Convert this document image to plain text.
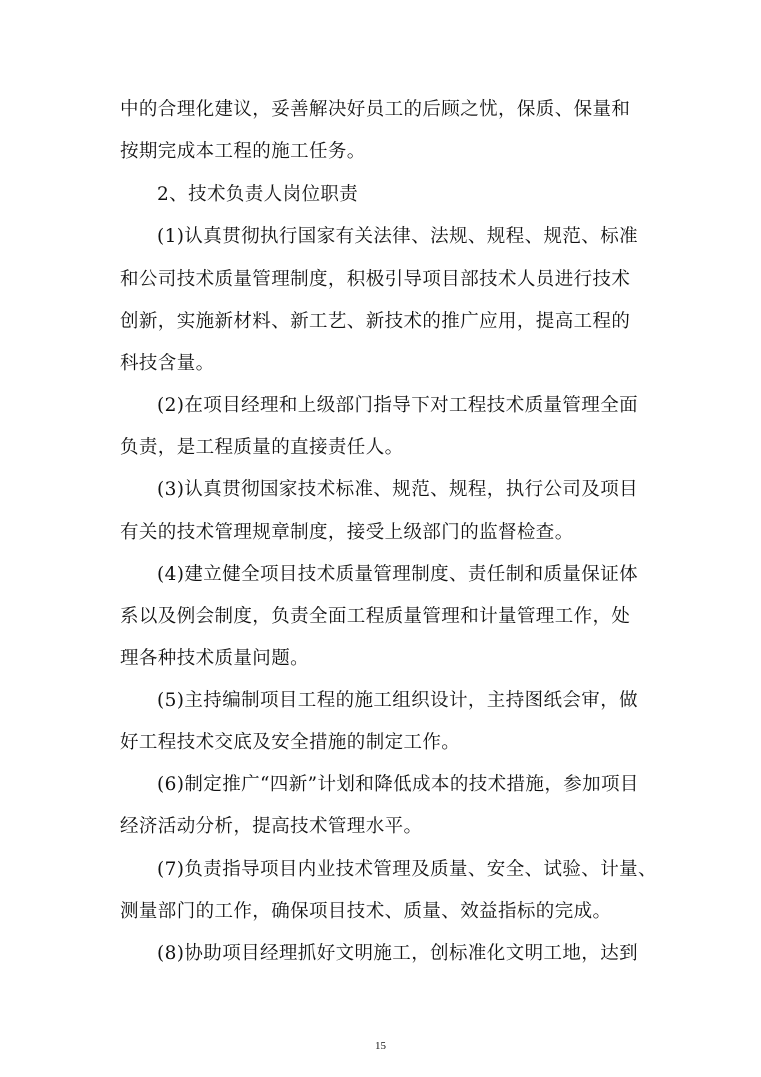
中的合理化建议，妥善解决好员工的后顾之忧，保质、保量和
按期完成本工程的施工任务。
2、技术负责人岗位职责
(1)认真贯彻执行国家有关法律、法规、规程、规范、标准
和公司技术质量管理制度，积极引导项目部技术人员进行技术
创新，实施新材料、新工艺、新技术的推广应用，提高工程的
科技含量。
(2)在项目经理和上级部门指导下对工程技术质量管理全面
负责，是工程质量的直接责任人。
(3)认真贯彻国家技术标准、规范、规程，执行公司及项目
有关的技术管理规章制度，接受上级部门的监督检查。
(4)建立健全项目技术质量管理制度、责任制和质量保证体
系以及例会制度，负责全面工程质量管理和计量管理工作，处
理各种技术质量问题。
(5)主持编制项目工程的施工组织设计，主持图纸会审，做
好工程技术交底及安全措施的制定工作。
(6)制定推广“四新”计划和降低成本的技术措施，参加项目
经济活动分析，提高技术管理水平。
(7)负责指导项目内业技术管理及质量、安全、试验、计量、
测量部门的工作，确保项目技术、质量、效益指标的完成。
(8)协助项目经理抓好文明施工，创标准化文明工地，达到
15
